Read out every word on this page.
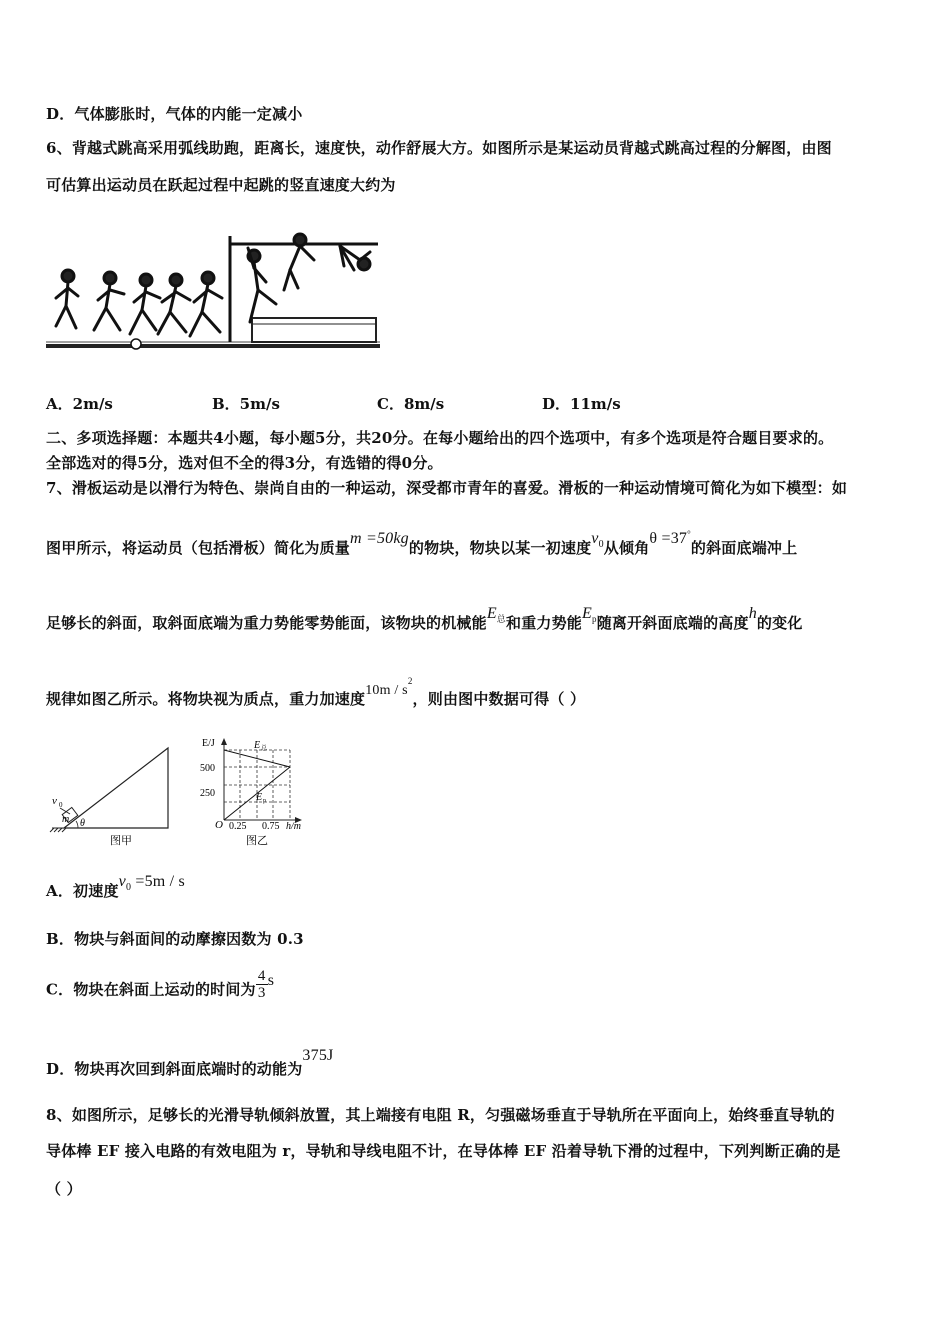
D．气体膨胀时，气体的内能一定减小
6、背越式跳高采用弧线助跑，距离长，速度快，动作舒展大方。如图所示是某运动员背越式跳高过程的分解图，由图
可估算出运动员在跃起过程中起跳的竖直速度大约为
A．2m/s	B．5m/s	C．8m/s	D．11m/s
二、多项选择题：本题共4小题，每小题5分，共20分。在每小题给出的四个选项中，有多个选项是符合题目要求的。
全部选对的得5分，选对但不全的得3分，有选错的得0分。
7、滑板运动是以滑行为特色、崇尚自由的一种运动，深受都市青年的喜爱。滑板的一种运动情境可简化为如下模型：如
图甲所示，将运动员（包括滑板）简化为质量m =50kg的物块，物块以某一初速度$v_0$从倾角θ =37°的斜面底端冲上
足够长的斜面，取斜面底端为重力势能零势能面，该物块的机械能$E_总$和重力势能$E_p$随离开斜面底端的高度h的变化
规律如图乙所示。将物块视为质点，重力加速度$10m / s^2$，则由图中数据可得（ ）
v 0
m θ
图甲
E/J
500
250
O 0.25 0.75 h/m
E 总
E p
图乙
A．初速度$v_0 =5m / s$
B．物块与斜面间的动摩擦因数为 0.3
C．物块在斜面上运动的时间为 $\frac{4}{3}$ s
D．物块再次回到斜面底端时的动能为375J
8、如图所示，足够长的光滑导轨倾斜放置，其上端接有电阻 R，匀强磁场垂直于导轨所在平面向上，始终垂直导轨的
导体棒 EF 接入电路的有效电阻为 r，导轨和导线电阻不计，在导体棒 EF 沿着导轨下滑的过程中，下列判断正确的是
（ ）
